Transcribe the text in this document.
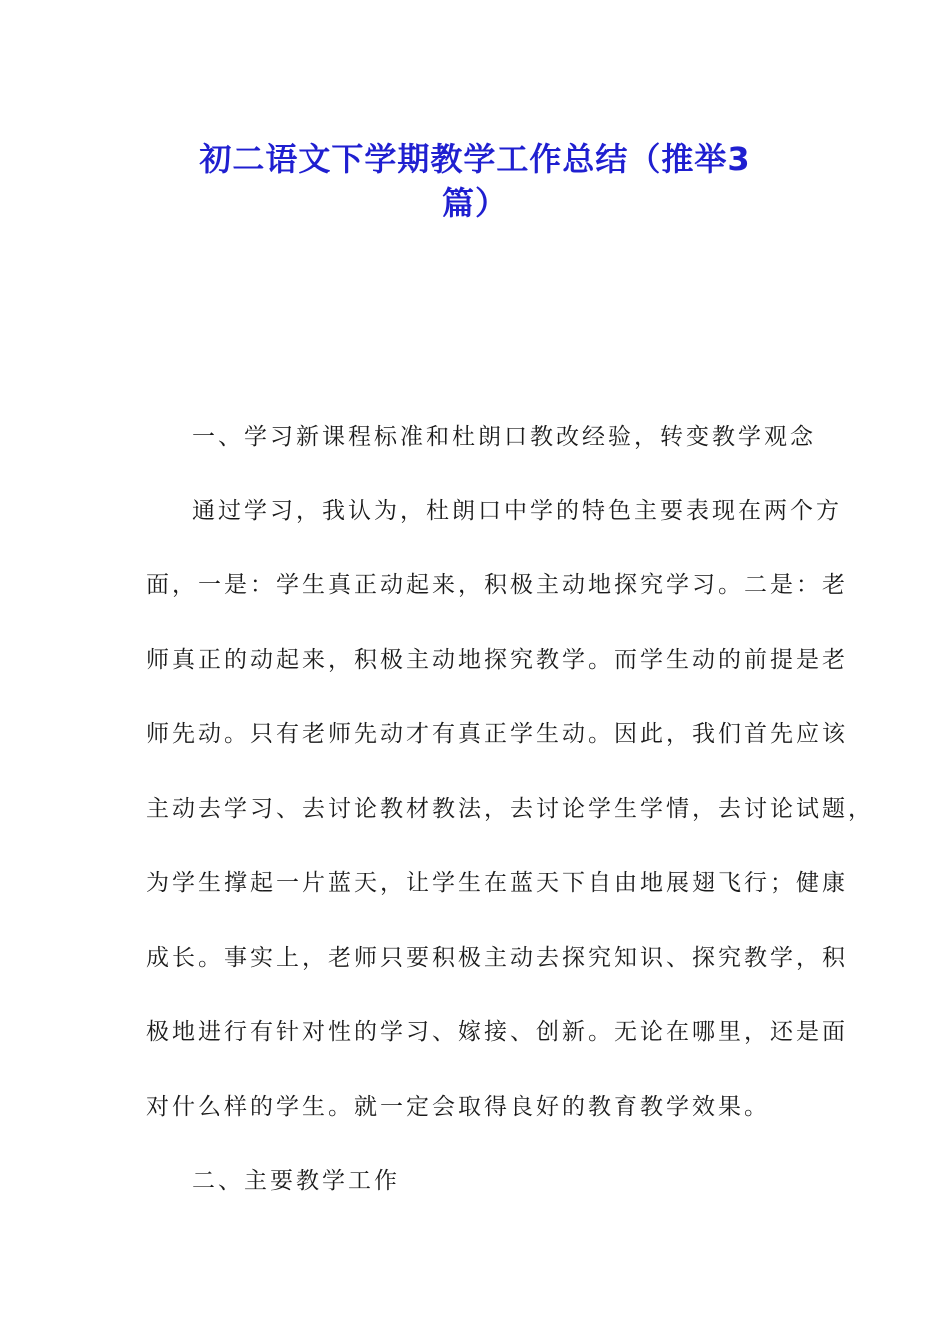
初二语文下学期教学工作总结（推举3
篇）
一、学习新课程标准和杜朗口教改经验，转变教学观念
通过学习，我认为，杜朗口中学的特色主要表现在两个方
面，一是：学生真正动起来，积极主动地探究学习。二是：老
师真正的动起来，积极主动地探究教学。而学生动的前提是老
师先动。只有老师先动才有真正学生动。因此，我们首先应该
主动去学习、去讨论教材教法，去讨论学生学情，去讨论试题，
为学生撑起一片蓝天，让学生在蓝天下自由地展翅飞行；健康
成长。事实上，老师只要积极主动去探究知识、探究教学，积
极地进行有针对性的学习、嫁接、创新。无论在哪里，还是面
对什么样的学生。就一定会取得良好的教育教学效果。
二、主要教学工作
